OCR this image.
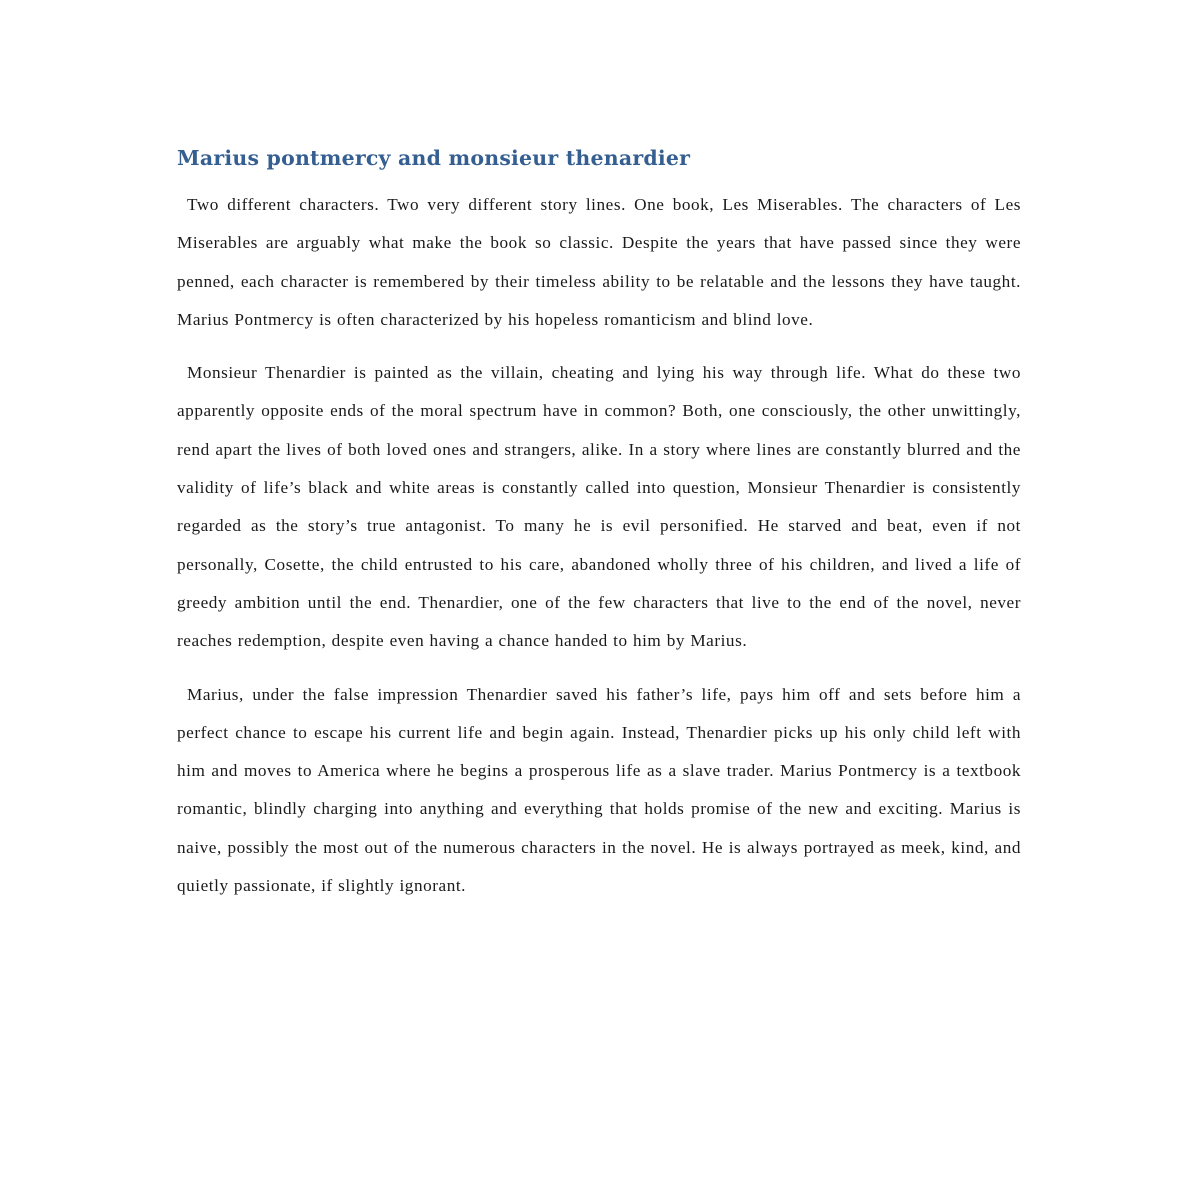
Marius pontmercy and monsieur thenardier

Two different characters. Two very different story lines. One book, Les Miserables. The characters of Les Miserables are arguably what make the book so classic. Despite the years that have passed since they were penned, each character is remembered by their timeless ability to be relatable and the lessons they have taught. Marius Pontmercy is often characterized by his hopeless romanticism and blind love.

Monsieur Thenardier is painted as the villain, cheating and lying his way through life. What do these two apparently opposite ends of the moral spectrum have in common? Both, one consciously, the other unwittingly, rend apart the lives of both loved ones and strangers, alike. In a story where lines are constantly blurred and the validity of life’s black and white areas is constantly called into question, Monsieur Thenardier is consistently regarded as the story’s true antagonist. To many he is evil personified. He starved and beat, even if not personally, Cosette, the child entrusted to his care, abandoned wholly three of his children, and lived a life of greedy ambition until the end. Thenardier, one of the few characters that live to the end of the novel, never reaches redemption, despite even having a chance handed to him by Marius.

Marius, under the false impression Thenardier saved his father’s life, pays him off and sets before him a perfect chance to escape his current life and begin again. Instead, Thenardier picks up his only child left with him and moves to America where he begins a prosperous life as a slave trader. Marius Pontmercy is a textbook romantic, blindly charging into anything and everything that holds promise of the new and exciting. Marius is naive, possibly the most out of the numerous characters in the novel. He is always portrayed as meek, kind, and quietly passionate, if slightly ignorant.
